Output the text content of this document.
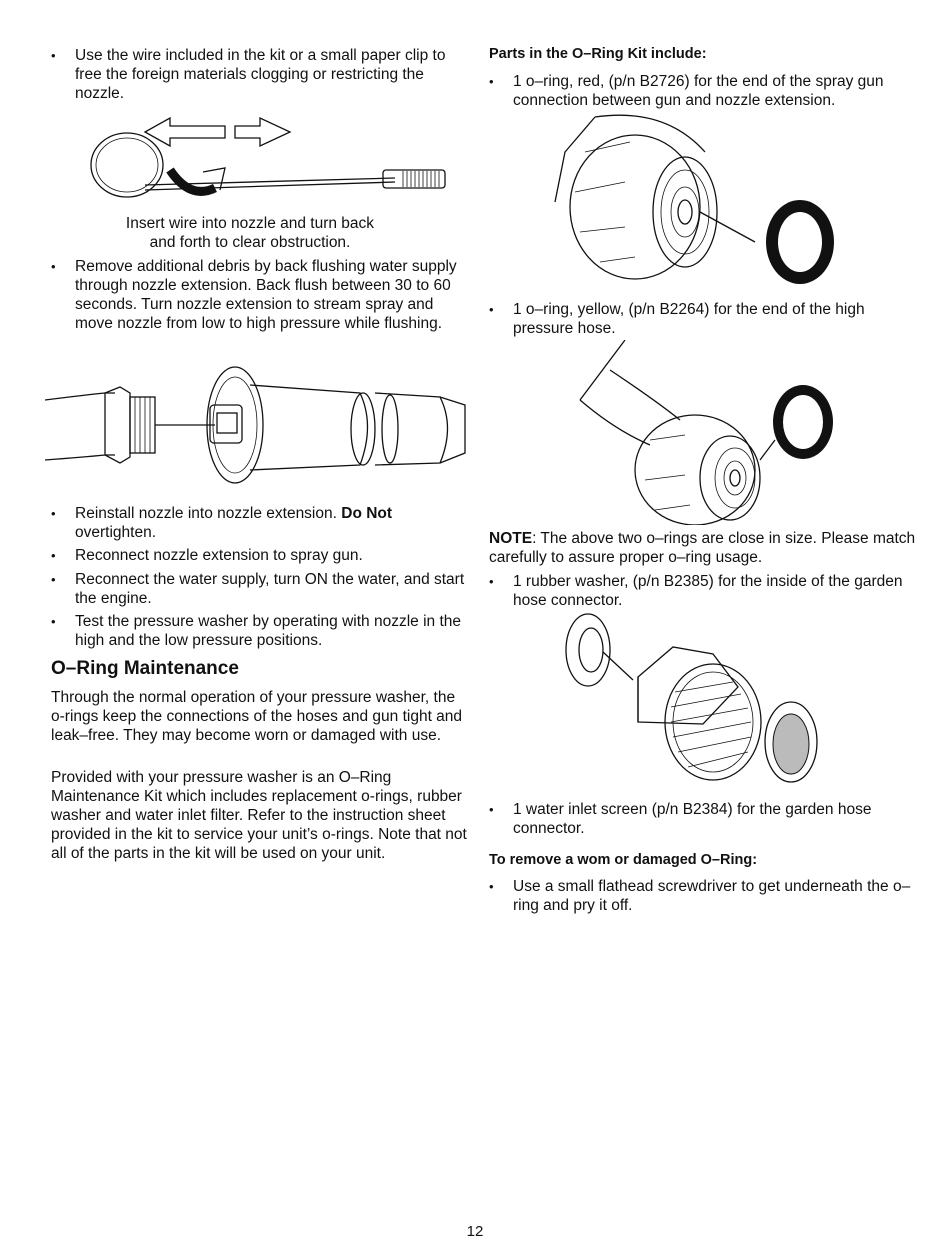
• Use the wire included in the kit or a small paper clip to free the foreign materials clogging or restricting the nozzle.
Insert wire into nozzle and turn back
and forth to clear obstruction.
• Remove additional debris by back flushing water supply through nozzle extension. Back flush between 30 to 60 seconds. Turn nozzle extension to stream spray and move nozzle from low to high pressure while flushing.
• Reinstall nozzle into nozzle extension. Do Not overtighten.
• Reconnect nozzle extension to spray gun.
• Reconnect the water supply, turn ON the water, and start the engine.
• Test the pressure washer by operating with nozzle in the high and the low pressure positions.
O–Ring Maintenance
Through the normal operation of your pressure washer, the o-rings keep the connections of the hoses and gun tight and leak–free. They may become worn or damaged with use.
Provided with your pressure washer is an O–Ring Maintenance Kit which includes replacement o-rings, rubber washer and water inlet filter. Refer to the instruction sheet provided in the kit to service your unit’s o-rings. Note that not all of the parts in the kit will be used on your unit.
Parts in the O–Ring Kit include:
• 1 o–ring, red, (p/n B2726) for the end of the spray gun connection between gun and nozzle extension.
• 1 o–ring, yellow, (p/n B2264) for the end of the high pressure hose.
NOTE: The above two o–rings are close in size. Please match carefully to assure proper o–ring usage.
• 1 rubber washer, (p/n B2385) for the inside of the garden hose connector.
• 1 water inlet screen (p/n B2384) for the garden hose connector.
To remove a wom or damaged O–Ring:
• Use a small flathead screwdriver to get underneath the o–ring and pry it off.
12
